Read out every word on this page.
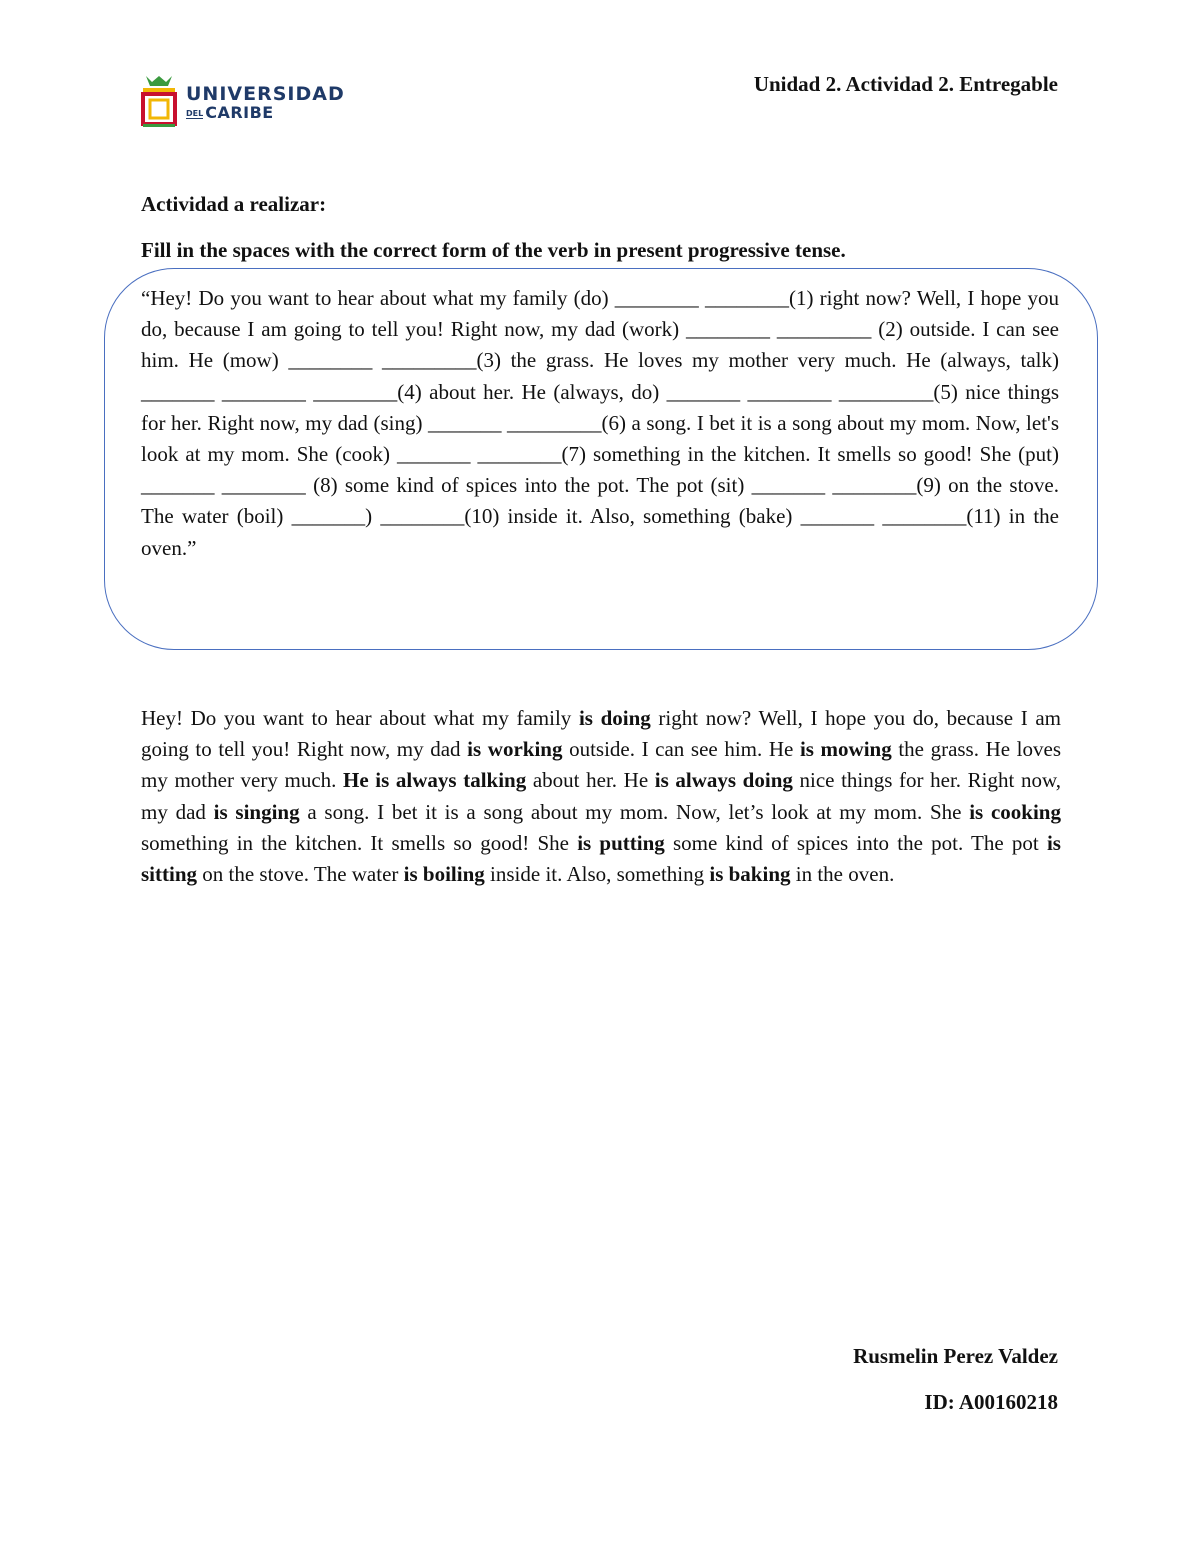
UNIVERSIDAD
DEL CARIBE
Unidad 2. Actividad 2. Entregable
Actividad a realizar:
Fill in the spaces with the correct form of the verb in present progressive tense.
“Hey! Do you want to hear about what my family (do) ________ ________(1) right now? Well, I hope you do, because I am going to tell you! Right now, my dad (work) ________ _________ (2) outside. I can see him. He (mow) ________ _________(3) the grass. He loves my mother very much. He (always, talk) _______ ________ ________(4) about her. He (always, do) _______ ________ _________(5) nice things for her. Right now, my dad (sing) _______ _________(6) a song. I bet it is a song about my mom. Now, let's look at my mom. She (cook) _______ ________(7) something in the kitchen. It smells so good! She (put) _______ ________ (8) some kind of spices into the pot. The pot (sit) _______ ________(9) on the stove. The water (boil) _______) ________(10) inside it. Also, something (bake) _______ ________(11) in the oven.”
Hey! Do you want to hear about what my family is doing right now? Well, I hope you do, because I am going to tell you! Right now, my dad is working outside. I can see him. He is mowing the grass. He loves my mother very much. He is always talking about her. He is always doing nice things for her. Right now, my dad is singing a song. I bet it is a song about my mom. Now, let’s look at my mom. She is cooking something in the kitchen. It smells so good! She is putting some kind of spices into the pot. The pot is sitting on the stove. The water is boiling inside it. Also, something is baking in the oven.
Rusmelin Perez Valdez
ID: A00160218
